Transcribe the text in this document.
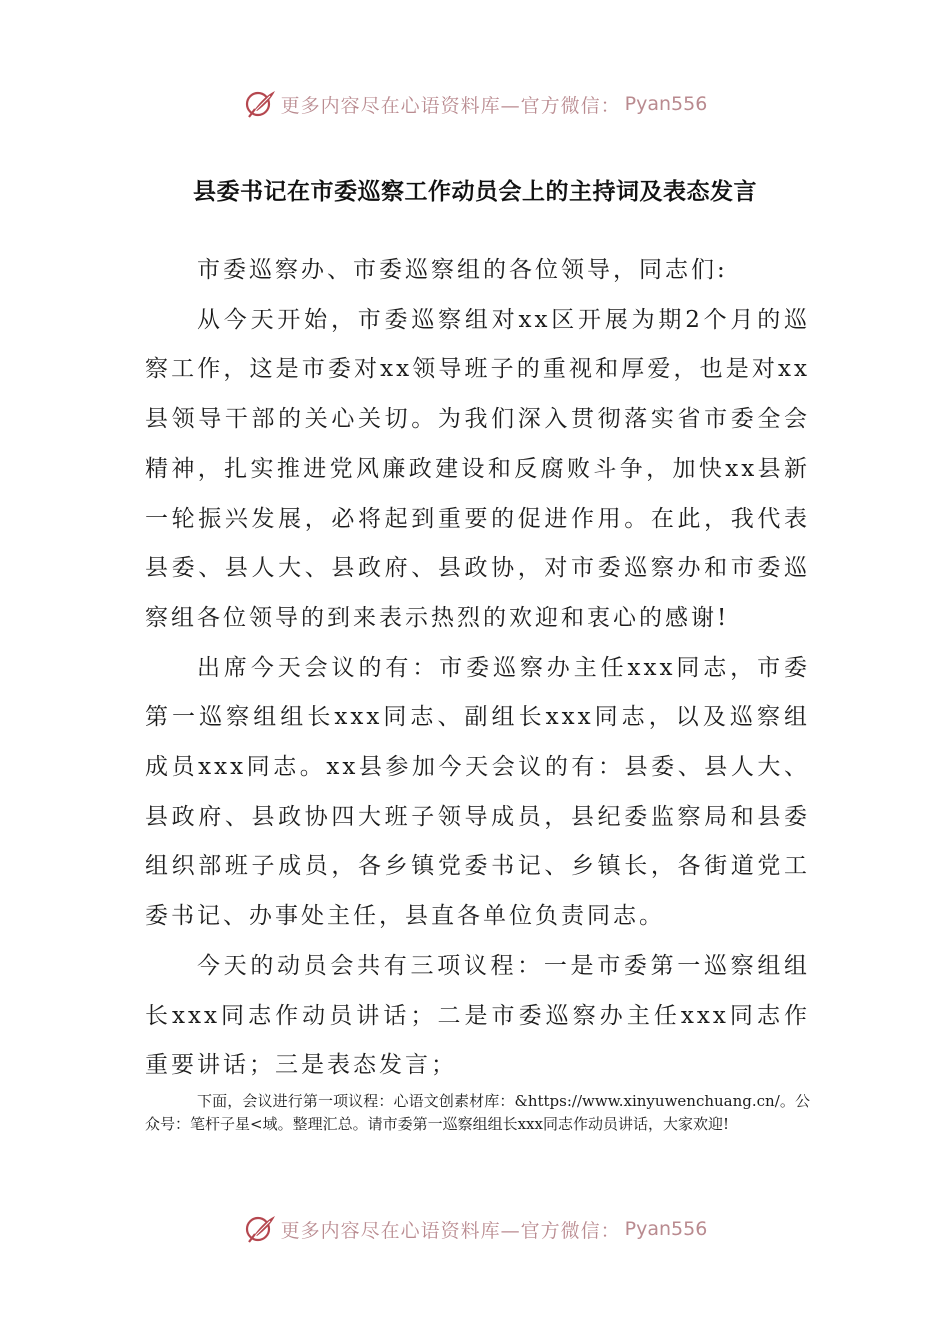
更多内容尽在心语资料库—官方微信： Pyan556
县委书记在市委巡察工作动员会上的主持词及表态发言

市委巡察办、市委巡察组的各位领导，同志们:

从今天开始，市委巡察组对xx区开展为期2个月的巡察工作，这是市委对xx领导班子的重视和厚爱，也是对xx县领导干部的关心关切。为我们深入贯彻落实省市委全会精神，扎实推进党风廉政建设和反腐败斗争，加快xx县新一轮振兴发展，必将起到重要的促进作用。在此，我代表县委、县人大、县政府、县政协，对市委巡察办和市委巡察组各位领导的到来表示热烈的欢迎和衷心的感谢!

出席今天会议的有：市委巡察办主任xxx同志，市委第一巡察组组长xxx同志、副组长xxx同志，以及巡察组成员xxx同志。xx县参加今天会议的有：县委、县人大、县政府、县政协四大班子领导成员，县纪委监察局和县委组织部班子成员，各乡镇党委书记、乡镇长，各街道党工委书记、办事处主任，县直各单位负责同志。

今天的动员会共有三项议程：一是市委第一巡察组组长xxx同志作动员讲话；二是市委巡察办主任xxx同志作重要讲话；三是表态发言；

下面，会议进行第一项议程：心语文创素材库：&https://www.xinyuwenchuang.cn/。公众号：笔杆子星<域。整理汇总。请市委第一巡察组组长xxx同志作动员讲话，大家欢迎!

更多内容尽在心语资料库—官方微信： Pyan556
